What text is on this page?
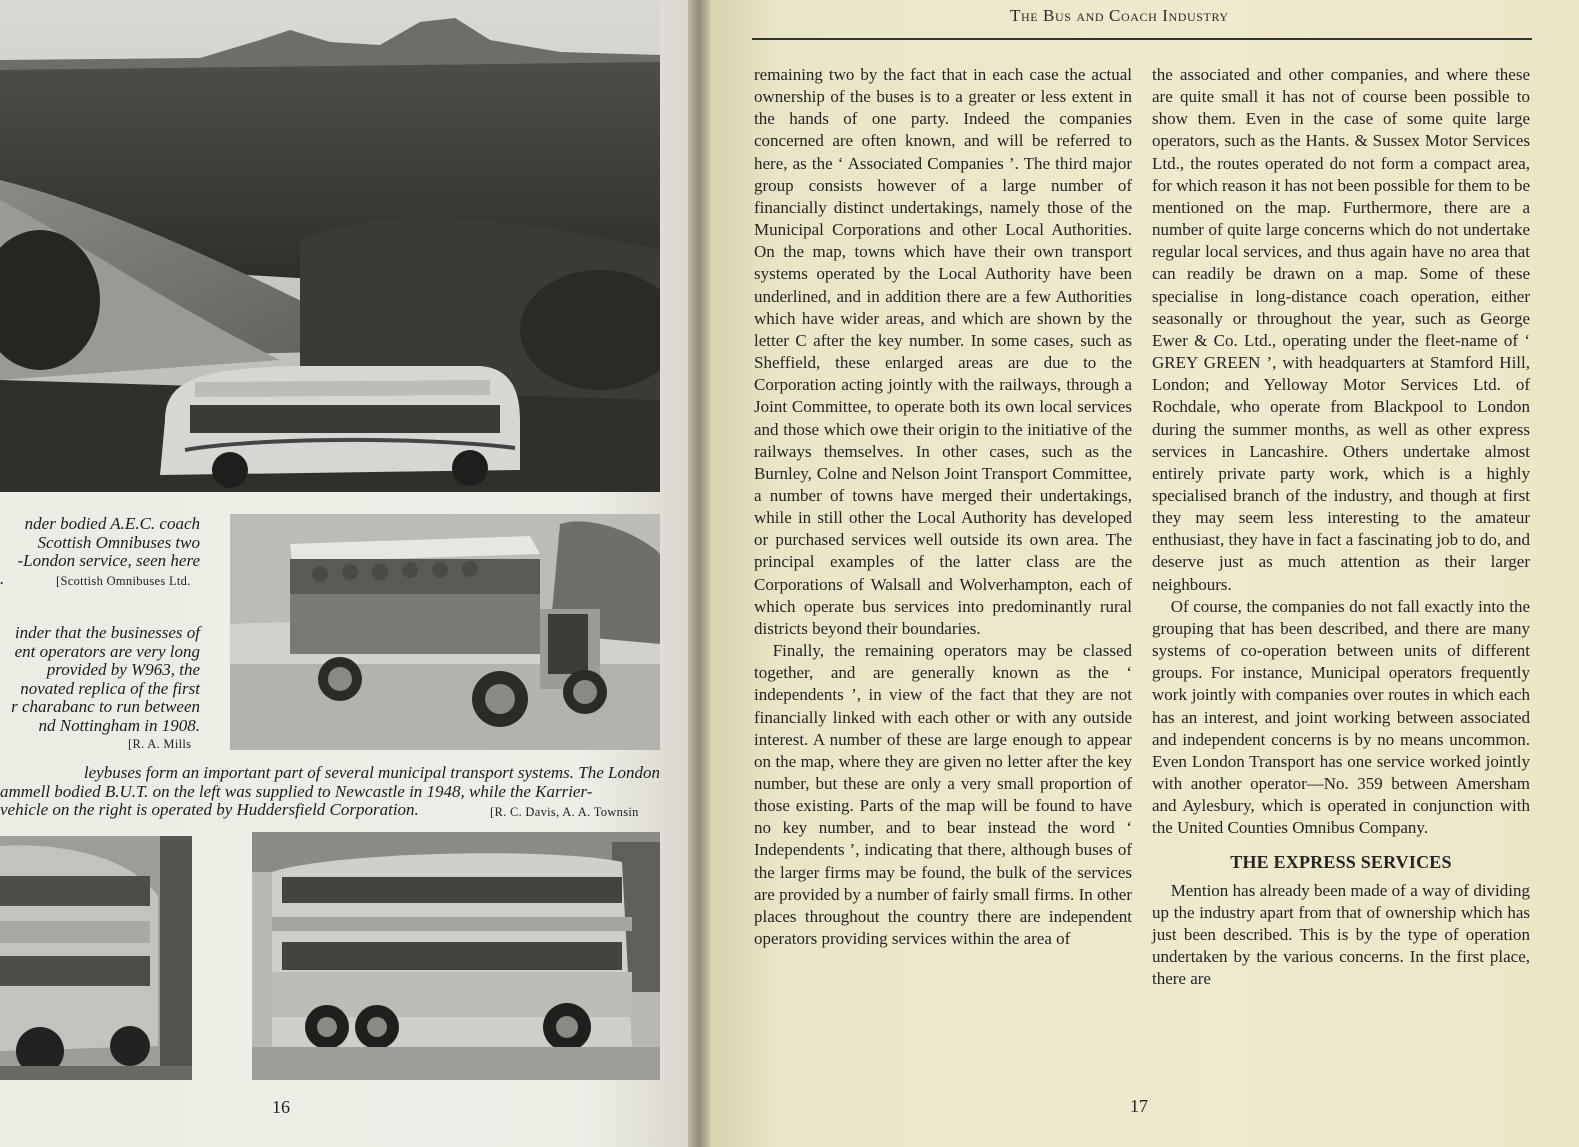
nder bodied A.E.C. coach
Scottish Omnibuses two
-London service, seen here
.	[Scottish Omnibuses Ltd.
inder that the businesses of
ent operators are very long
provided by W963, the
novated replica of the first
r charabanc to run between
nd Nottingham in 1908.
[R. A. Mills
leybuses form an important part of several municipal transport systems. The London
ammell bodied B.U.T. on the left was supplied to Newcastle in 1948, while the Karrier-
vehicle on the right is operated by Huddersfield Corporation.	[R. C. Davis, A. A. Townsin
16
The Bus and Coach Industry

remaining two by the fact that in each case the actual ownership of the buses is to a greater or less extent in the hands of one party. Indeed the companies concerned are often known, and will be referred to here, as the ‘ Associated Companies ’. The third major group consists however of a large number of financially distinct undertakings, namely those of the Municipal Corporations and other Local Authorities. On the map, towns which have their own transport systems operated by the Local Authority have been underlined, and in addition there are a few Authorities which have wider areas, and which are shown by the letter C after the key number. In some cases, such as Sheffield, these enlarged areas are due to the Corporation acting jointly with the railways, through a Joint Committee, to operate both its own local services and those which owe their origin to the initiative of the railways themselves. In other cases, such as the Burnley, Colne and Nelson Joint Transport Committee, a number of towns have merged their undertakings, while in still other the Local Authority has developed or purchased services well outside its own area. The principal examples of the latter class are the Corporations of Walsall and Wolverhampton, each of which operate bus services into predominantly rural districts beyond their boundaries.

Finally, the remaining operators may be classed together, and are generally known as the ‘ independents ’, in view of the fact that they are not financially linked with each other or with any outside interest. A number of these are large enough to appear on the map, where they are given no letter after the key number, but these are only a very small proportion of those existing. Parts of the map will be found to have no key number, and to bear instead the word ‘ Independents ’, indicating that there, although buses of the larger firms may be found, the bulk of the services are provided by a number of fairly small firms. In other places throughout the country there are independent operators providing services within the area of

the associated and other companies, and where these are quite small it has not of course been possible to show them. Even in the case of some quite large operators, such as the Hants. & Sussex Motor Services Ltd., the routes operated do not form a compact area, for which reason it has not been possible for them to be mentioned on the map. Furthermore, there are a number of quite large concerns which do not undertake regular local services, and thus again have no area that can readily be drawn on a map. Some of these specialise in long-distance coach operation, either seasonally or throughout the year, such as George Ewer & Co. Ltd., operating under the fleet-name of ‘ GREY GREEN ’, with headquarters at Stamford Hill, London; and Yelloway Motor Services Ltd. of Rochdale, who operate from Blackpool to London during the summer months, as well as other express services in Lancashire. Others undertake almost entirely private party work, which is a highly specialised branch of the industry, and though at first they may seem less interesting to the amateur enthusiast, they have in fact a fascinating job to do, and deserve just as much attention as their larger neighbours.

Of course, the companies do not fall exactly into the grouping that has been described, and there are many systems of co-operation between units of different groups. For instance, Municipal operators frequently work jointly with companies over routes in which each has an interest, and joint working between associated and independent concerns is by no means uncommon. Even London Transport has one service worked jointly with another operator—No. 359 between Amersham and Aylesbury, which is operated in conjunction with the United Counties Omnibus Company.

THE EXPRESS SERVICES

Mention has already been made of a way of dividing up the industry apart from that of ownership which has just been described. This is by the type of operation undertaken by the various concerns. In the first place, there are

17
